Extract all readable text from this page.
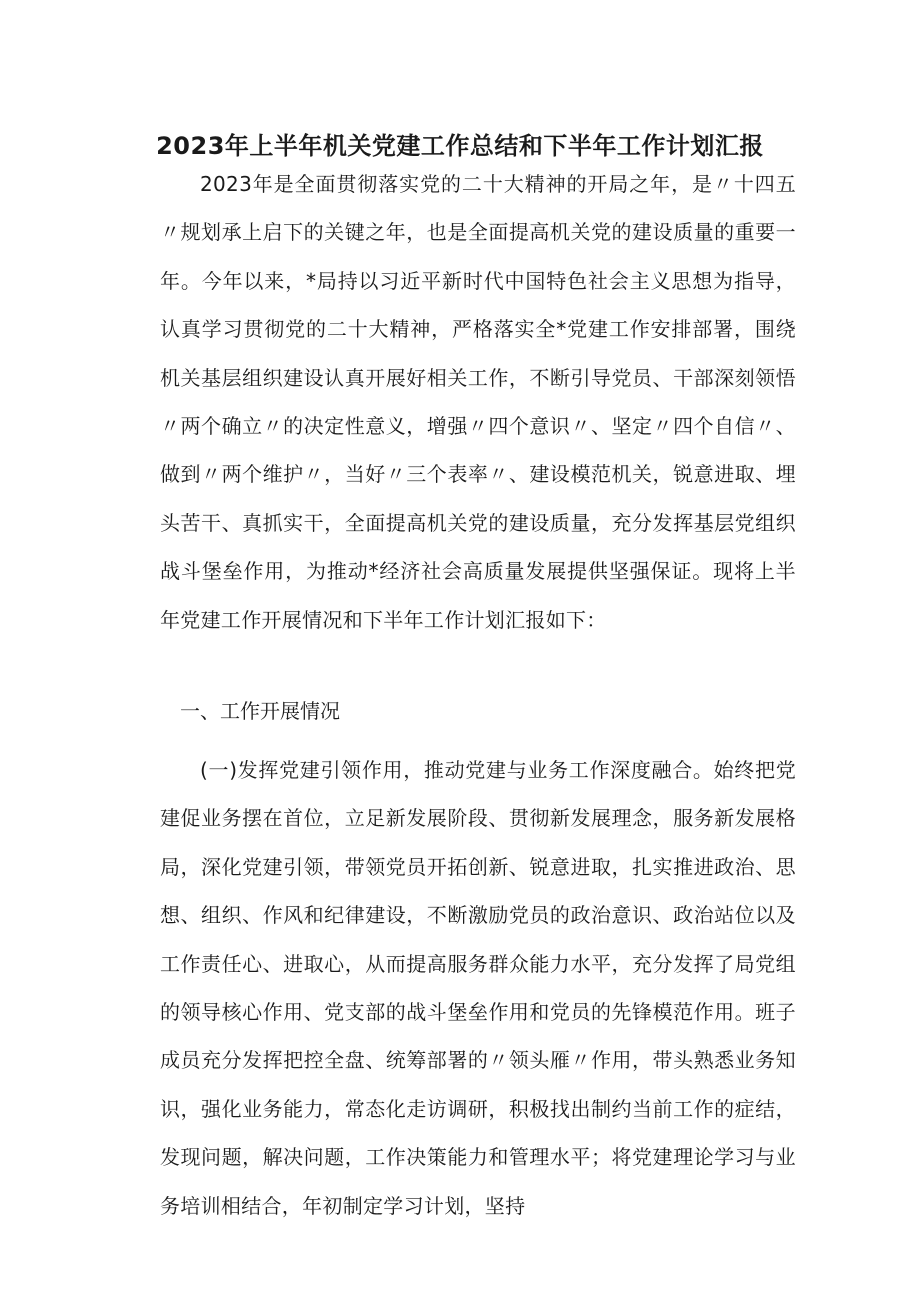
2023年上半年机关党建工作总结和下半年工作计划汇报

2023年是全面贯彻落实党的二十大精神的开局之年，是〃十四五〃规划承上启下的关键之年，也是全面提高机关党的建设质量的重要一年。今年以来，*局持以习近平新时代中国特色社会主义思想为指导，认真学习贯彻党的二十大精神，严格落实全*党建工作安排部署，围绕机关基层组织建设认真开展好相关工作，不断引导党员、干部深刻领悟〃两个确立〃的决定性意义，增强〃四个意识〃、坚定〃四个自信〃、做到〃两个维护〃，当好〃三个表率〃、建设模范机关，锐意进取、埋头苦干、真抓实干，全面提高机关党的建设质量，充分发挥基层党组织战斗堡垒作用，为推动*经济社会高质量发展提供坚强保证。现将上半年党建工作开展情况和下半年工作计划汇报如下：

一、工作开展情况

(一)发挥党建引领作用，推动党建与业务工作深度融合。始终把党建促业务摆在首位，立足新发展阶段、贯彻新发展理念，服务新发展格局，深化党建引领，带领党员开拓创新、锐意进取，扎实推进政治、思想、组织、作风和纪律建设，不断激励党员的政治意识、政治站位以及工作责任心、进取心，从而提高服务群众能力水平，充分发挥了局党组的领导核心作用、党支部的战斗堡垒作用和党员的先锋模范作用。班子成员充分发挥把控全盘、统筹部署的〃领头雁〃作用，带头熟悉业务知识，强化业务能力，常态化走访调研，积极找出制约当前工作的症结，发现问题，解决问题，工作决策能力和管理水平；将党建理论学习与业务培训相结合，年初制定学习计划，坚持
